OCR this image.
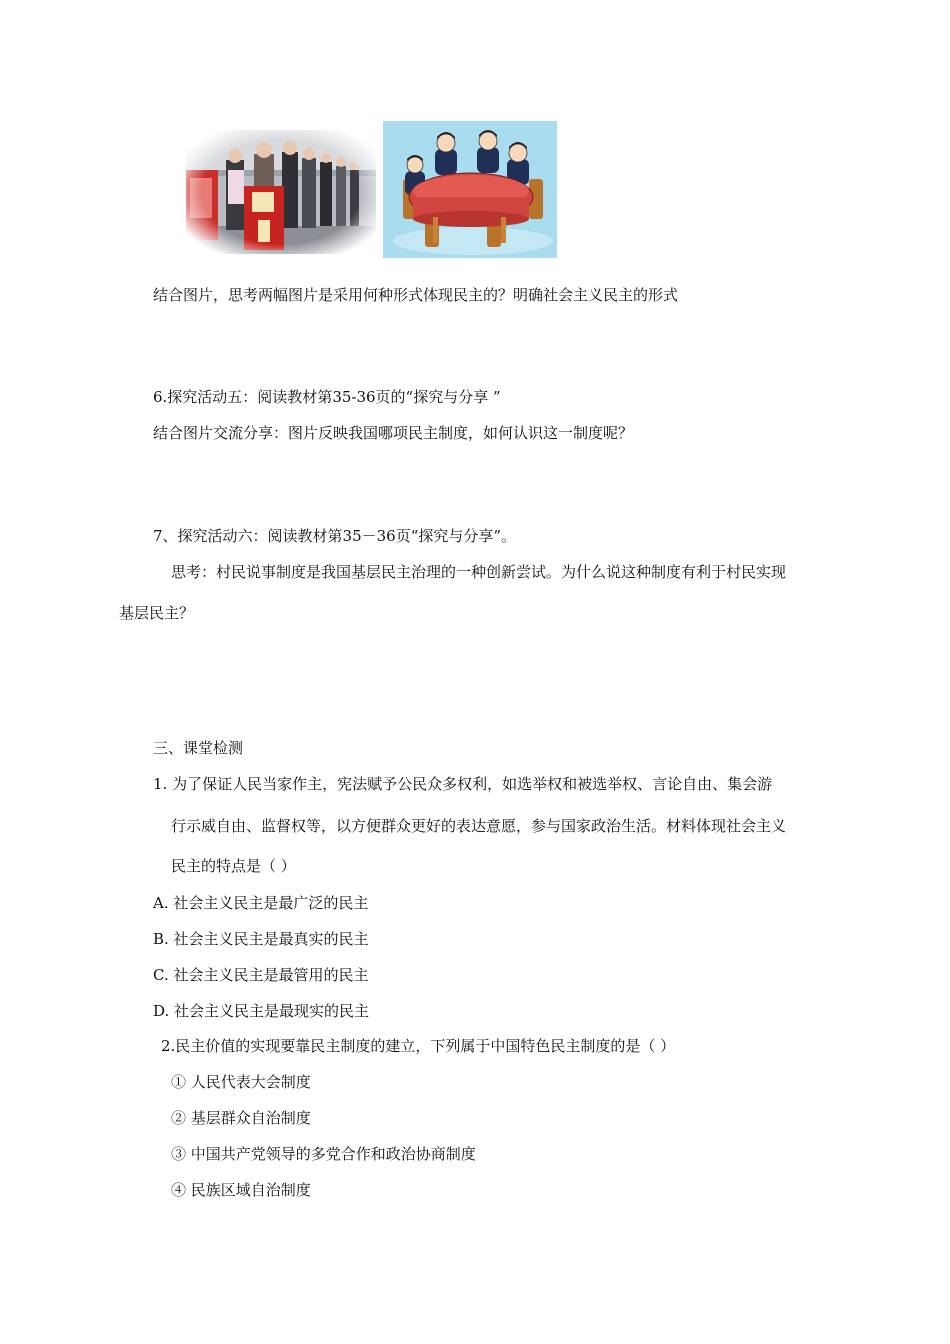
结合图片，思考两幅图片是采用何种形式体现民主的？明确社会主义民主的形式
6.探究活动五：阅读教材第35-36页的“探究与分享 ”
结合图片交流分享：图片反映我国哪项民主制度，如何认识这一制度呢？
7、探究活动六：阅读教材第35－36页“探究与分享”。
思考：村民说事制度是我国基层民主治理的一种创新尝试。为什么说这种制度有利于村民实现
基层民主？
三、课堂检测
1. 为了保证人民当家作主，宪法赋予公民众多权利，如选举权和被选举权、言论自由、集会游
行示威自由、监督权等，以方便群众更好的表达意愿，参与国家政治生活。材料体现社会主义
民主的特点是（ ）
A. 社会主义民主是最广泛的民主
B. 社会主义民主是最真实的民主
C. 社会主义民主是最管用的民主
D. 社会主义民主是最现实的民主
2.民主价值的实现要靠民主制度的建立，下列属于中国特色民主制度的是（ ）
① 人民代表大会制度
② 基层群众自治制度
③ 中国共产党领导的多党合作和政治协商制度
④ 民族区域自治制度
